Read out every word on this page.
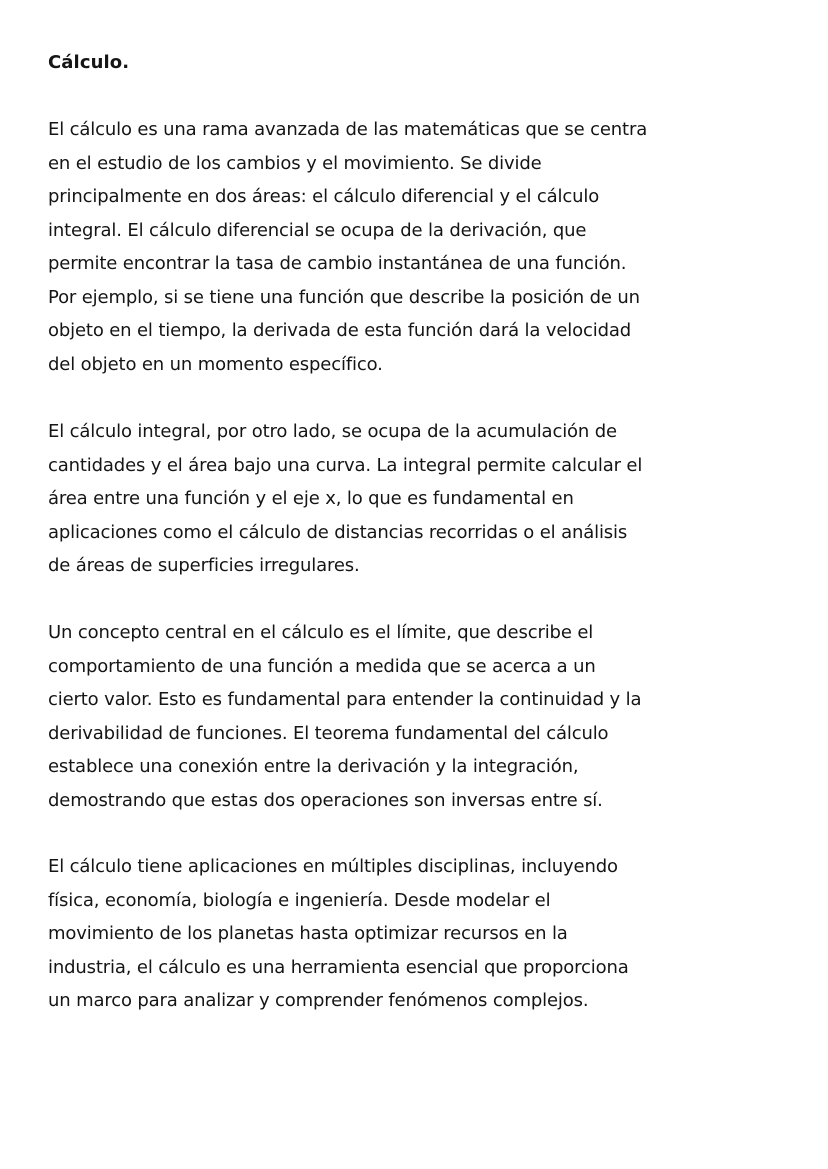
Cálculo.

El cálculo es una rama avanzada de las matemáticas que se centra
en el estudio de los cambios y el movimiento. Se divide
principalmente en dos áreas: el cálculo diferencial y el cálculo
integral. El cálculo diferencial se ocupa de la derivación, que
permite encontrar la tasa de cambio instantánea de una función.
Por ejemplo, si se tiene una función que describe la posición de un
objeto en el tiempo, la derivada de esta función dará la velocidad
del objeto en un momento específico.

El cálculo integral, por otro lado, se ocupa de la acumulación de
cantidades y el área bajo una curva. La integral permite calcular el
área entre una función y el eje x, lo que es fundamental en
aplicaciones como el cálculo de distancias recorridas o el análisis
de áreas de superficies irregulares.

Un concepto central en el cálculo es el límite, que describe el
comportamiento de una función a medida que se acerca a un
cierto valor. Esto es fundamental para entender la continuidad y la
derivabilidad de funciones. El teorema fundamental del cálculo
establece una conexión entre la derivación y la integración,
demostrando que estas dos operaciones son inversas entre sí.

El cálculo tiene aplicaciones en múltiples disciplinas, incluyendo
física, economía, biología e ingeniería. Desde modelar el
movimiento de los planetas hasta optimizar recursos en la
industria, el cálculo es una herramienta esencial que proporciona
un marco para analizar y comprender fenómenos complejos.
